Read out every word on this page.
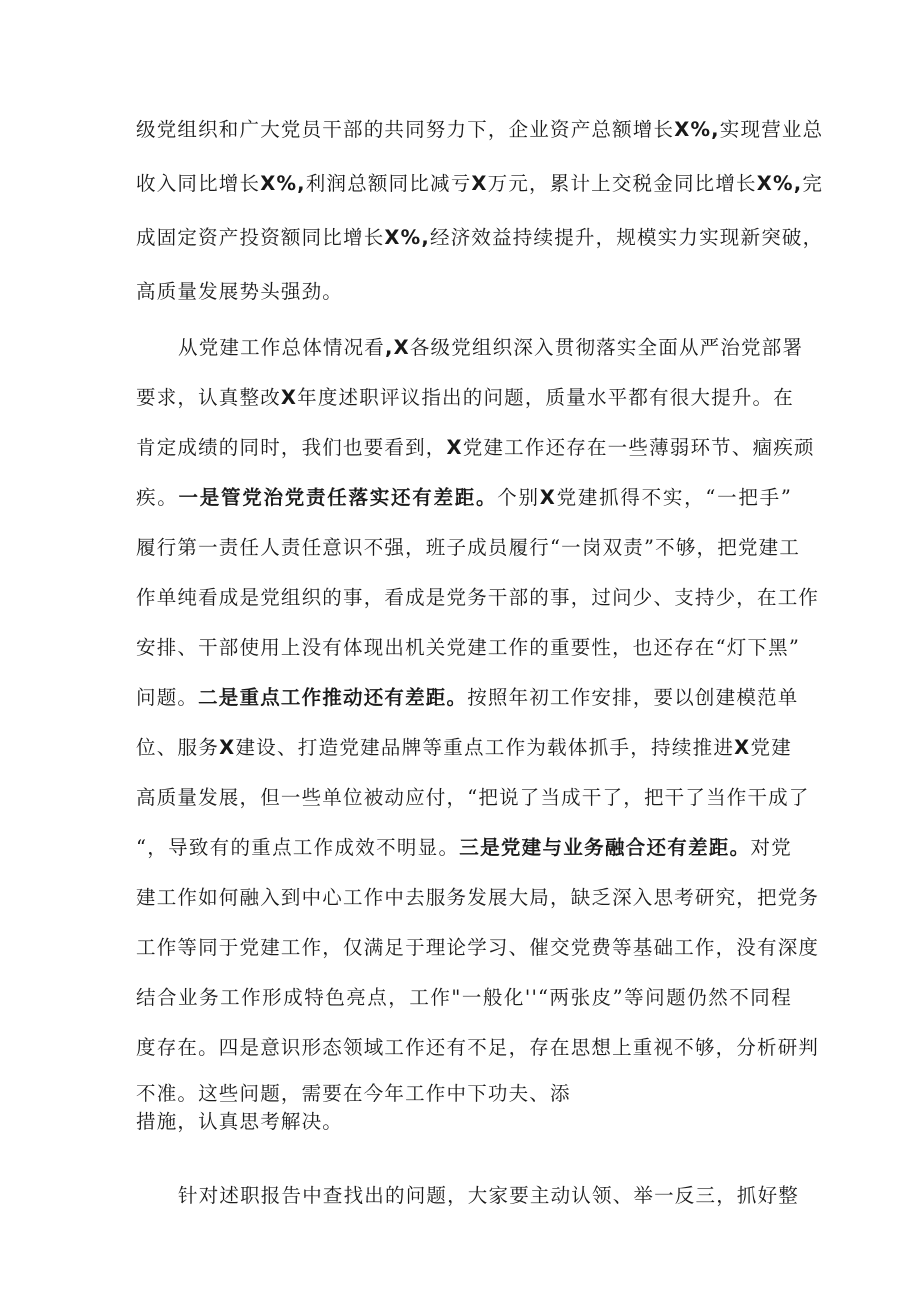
级党组织和广大党员干部的共同努力下，企业资产总额增长X%,实现营业总
收入同比增长X%,利润总额同比减亏X万元，累计上交税金同比增长X%,完
成固定资产投资额同比增长X%,经济效益持续提升，规模实力实现新突破，
高质量发展势头强劲。
从党建工作总体情况看,X各级党组织深入贯彻落实全面从严治党部署
要求，认真整改X年度述职评议指出的问题，质量水平都有很大提升。在
肯定成绩的同时，我们也要看到，X党建工作还存在一些薄弱环节、痼疾顽
疾。一是管党治党责任落实还有差距。个别X党建抓得不实，“一把手”
履行第一责任人责任意识不强，班子成员履行“一岗双责”不够，把党建工
作单纯看成是党组织的事，看成是党务干部的事，过问少、支持少，在工作
安排、干部使用上没有体现出机关党建工作的重要性，也还存在“灯下黑”
问题。二是重点工作推动还有差距。按照年初工作安排，要以创建模范单
位、服务X建设、打造党建品牌等重点工作为载体抓手，持续推进X党建
高质量发展，但一些单位被动应付，“把说了当成干了，把干了当作干成了
“，导致有的重点工作成效不明显。三是党建与业务融合还有差距。对党
建工作如何融入到中心工作中去服务发展大局，缺乏深入思考研究，把党务
工作等同于党建工作，仅满足于理论学习、催交党费等基础工作，没有深度
结合业务工作形成特色亮点，工作"一般化''“两张皮”等问题仍然不同程
度存在。四是意识形态领域工作还有不足，存在思想上重视不够，分析研判
不准。这些问题，需要在今年工作中下功夫、添
措施，认真思考解决。
针对述职报告中查找出的问题，大家要主动认领、举一反三，抓好整
